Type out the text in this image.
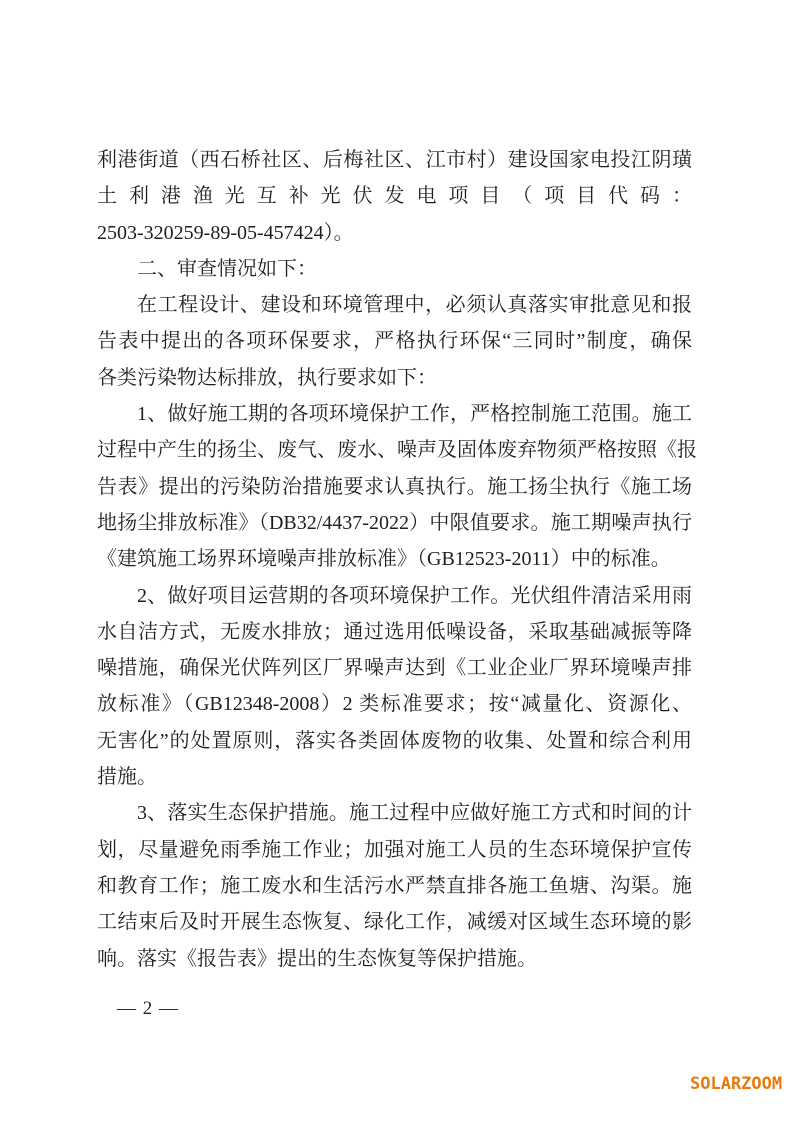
利港街道（西石桥社区、后梅社区、江市村）建设国家电投江阴璜
土利港渔光互补光伏发电项目（项目代码：
2503-320259-89-05-457424）。
二、审查情况如下：
在工程设计、建设和环境管理中，必须认真落实审批意见和报
告表中提出的各项环保要求，严格执行环保“三同时”制度，确保
各类污染物达标排放，执行要求如下：
1、做好施工期的各项环境保护工作，严格控制施工范围。施工
过程中产生的扬尘、废气、废水、噪声及固体废弃物须严格按照《报
告表》提出的污染防治措施要求认真执行。施工扬尘执行《施工场
地扬尘排放标准》（DB32/4437-2022）中限值要求。施工期噪声执行
《建筑施工场界环境噪声排放标准》（GB12523-2011）中的标准。
2、做好项目运营期的各项环境保护工作。光伏组件清洁采用雨
水自洁方式，无废水排放；通过选用低噪设备，采取基础减振等降
噪措施，确保光伏阵列区厂界噪声达到《工业企业厂界环境噪声排
放标准》（GB12348-2008）2 类标准要求；按“减量化、资源化、
无害化”的处置原则，落实各类固体废物的收集、处置和综合利用
措施。
3、落实生态保护措施。施工过程中应做好施工方式和时间的计
划，尽量避免雨季施工作业；加强对施工人员的生态环境保护宣传
和教育工作；施工废水和生活污水严禁直排各施工鱼塘、沟渠。施
工结束后及时开展生态恢复、绿化工作，减缓对区域生态环境的影
响。落实《报告表》提出的生态恢复等保护措施。
— 2 —
SOLARZOOM
